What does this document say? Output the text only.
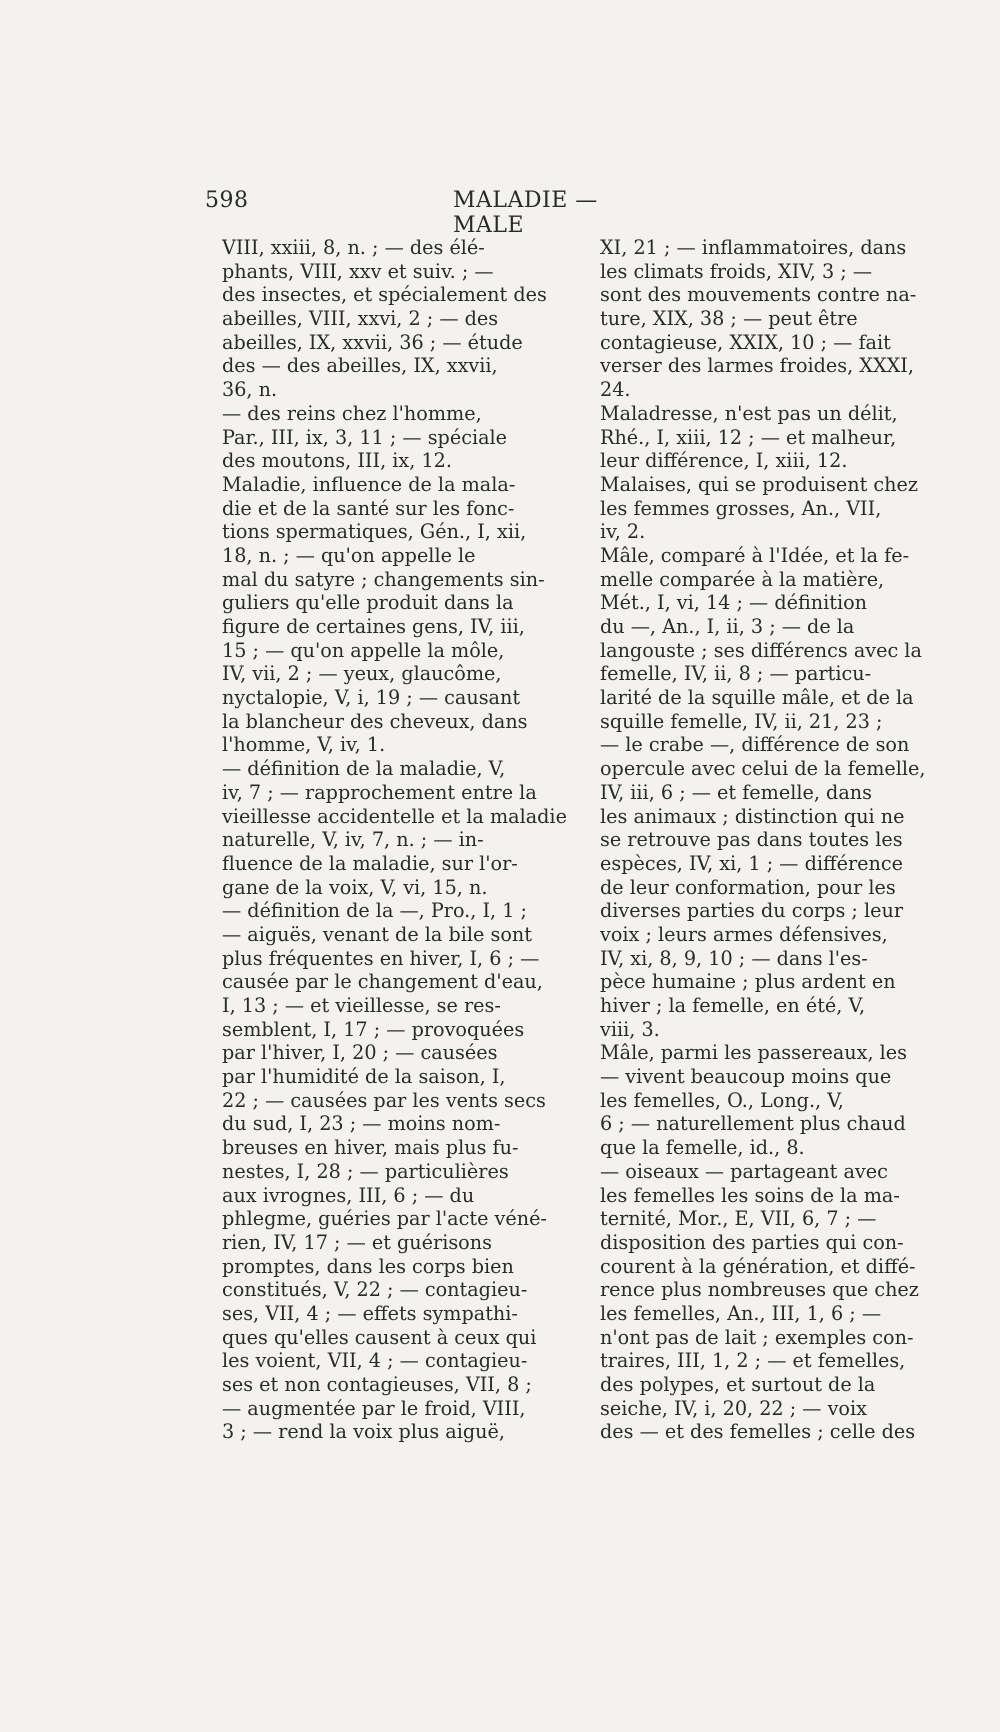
598	MALADIE — MALE
VIII, xxiii, 8, n. ; — des élé-
phants, VIII, xxv et suiv. ; —
des insectes, et spécialement des
abeilles, VIII, xxvi, 2 ; — des
abeilles, IX, xxvii, 36 ; — étude
des — des abeilles, IX, xxvii,
36, n.
— des reins chez l'homme,
Par., III, ix, 3, 11 ; — spéciale
des moutons, III, ix, 12.
Maladie, influence de la mala-
die et de la santé sur les fonc-
tions spermatiques, Gén., I, xii,
18, n. ; — qu'on appelle le
mal du satyre ; changements sin-
guliers qu'elle produit dans la
figure de certaines gens, IV, iii,
15 ; — qu'on appelle la môle,
IV, vii, 2 ; — yeux, glaucôme,
nyctalopie, V, i, 19 ; — causant
la blancheur des cheveux, dans
l'homme, V, iv, 1.
— définition de la maladie, V,
iv, 7 ; — rapprochement entre la
vieillesse accidentelle et la maladie
naturelle, V, iv, 7, n. ; — in-
fluence de la maladie, sur l'or-
gane de la voix, V, vi, 15, n.
— définition de la —, Pro., I, 1 ;
— aiguës, venant de la bile sont
plus fréquentes en hiver, I, 6 ; —
causée par le changement d'eau,
I, 13 ; — et vieillesse, se res-
semblent, I, 17 ; — provoquées
par l'hiver, I, 20 ; — causées
par l'humidité de la saison, I,
22 ; — causées par les vents secs
du sud, I, 23 ; — moins nom-
breuses en hiver, mais plus fu-
nestes, I, 28 ; — particulières
aux ivrognes, III, 6 ; — du
phlegme, guéries par l'acte véné-
rien, IV, 17 ; — et guérisons
promptes, dans les corps bien
constitués, V, 22 ; — contagieu-
ses, VII, 4 ; — effets sympathi-
ques qu'elles causent à ceux qui
les voient, VII, 4 ; — contagieu-
ses et non contagieuses, VII, 8 ;
— augmentée par le froid, VIII,
3 ; — rend la voix plus aiguë,
XI, 21 ; — inflammatoires, dans
les climats froids, XIV, 3 ; —
sont des mouvements contre na-
ture, XIX, 38 ; — peut être
contagieuse, XXIX, 10 ; — fait
verser des larmes froides, XXXI,
24.
Maladresse, n'est pas un délit,
Rhé., I, xiii, 12 ; — et malheur,
leur différence, I, xiii, 12.
Malaises, qui se produisent chez
les femmes grosses, An., VII,
iv, 2.
Mâle, comparé à l'Idée, et la fe-
melle comparée à la matière,
Mét., I, vi, 14 ; — définition
du —, An., I, ii, 3 ; — de la
langouste ; ses différencs avec la
femelle, IV, ii, 8 ; — particu-
larité de la squille mâle, et de la
squille femelle, IV, ii, 21, 23 ;
— le crabe —, différence de son
opercule avec celui de la femelle,
IV, iii, 6 ; — et femelle, dans
les animaux ; distinction qui ne
se retrouve pas dans toutes les
espèces, IV, xi, 1 ; — différence
de leur conformation, pour les
diverses parties du corps ; leur
voix ; leurs armes défensives,
IV, xi, 8, 9, 10 ; — dans l'es-
pèce humaine ; plus ardent en
hiver ; la femelle, en été, V,
viii, 3.
Mâle, parmi les passereaux, les
— vivent beaucoup moins que
les femelles, O., Long., V,
6 ; — naturellement plus chaud
que la femelle, id., 8.
— oiseaux — partageant avec
les femelles les soins de la ma-
ternité, Mor., E, VII, 6, 7 ; —
disposition des parties qui con-
courent à la génération, et diffé-
rence plus nombreuses que chez
les femelles, An., III, 1, 6 ; —
n'ont pas de lait ; exemples con-
traires, III, 1, 2 ; — et femelles,
des polypes, et surtout de la
seiche, IV, i, 20, 22 ; — voix
des — et des femelles ; celle des
